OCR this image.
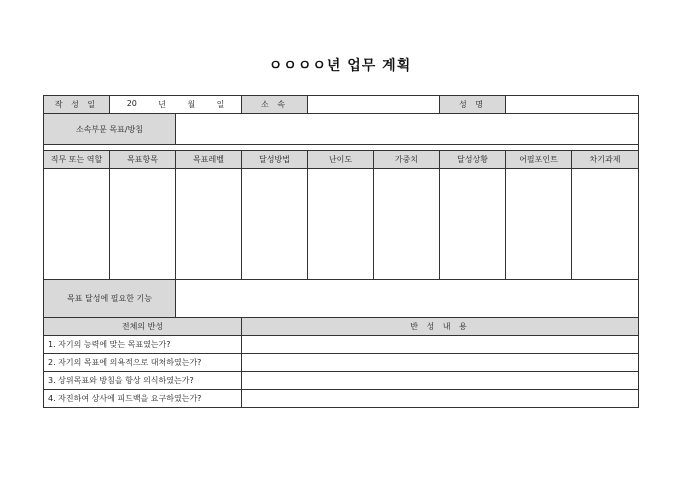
ㅇㅇㅇㅇ년 업무 계획
작 성 일	20 년 월 일		소 속			성 명		
소속부문 목표/방침								

직무 또는 역할	목표항목	목표레벨	달성방법	난이도	가중치	달성상황	어필포인트	차기과제

목표 달성에 필요한 기능								
전체의 반성			반 성 내 용					
1. 자기의 능력에 맞는 목표였는가?								
2. 자기의 목표에 의욕적으로 대처하였는가?								
3. 상위목표와 방침을 항상 의식하였는가?								
4. 자진하여 상사에 피드백을 요구하였는가?								
